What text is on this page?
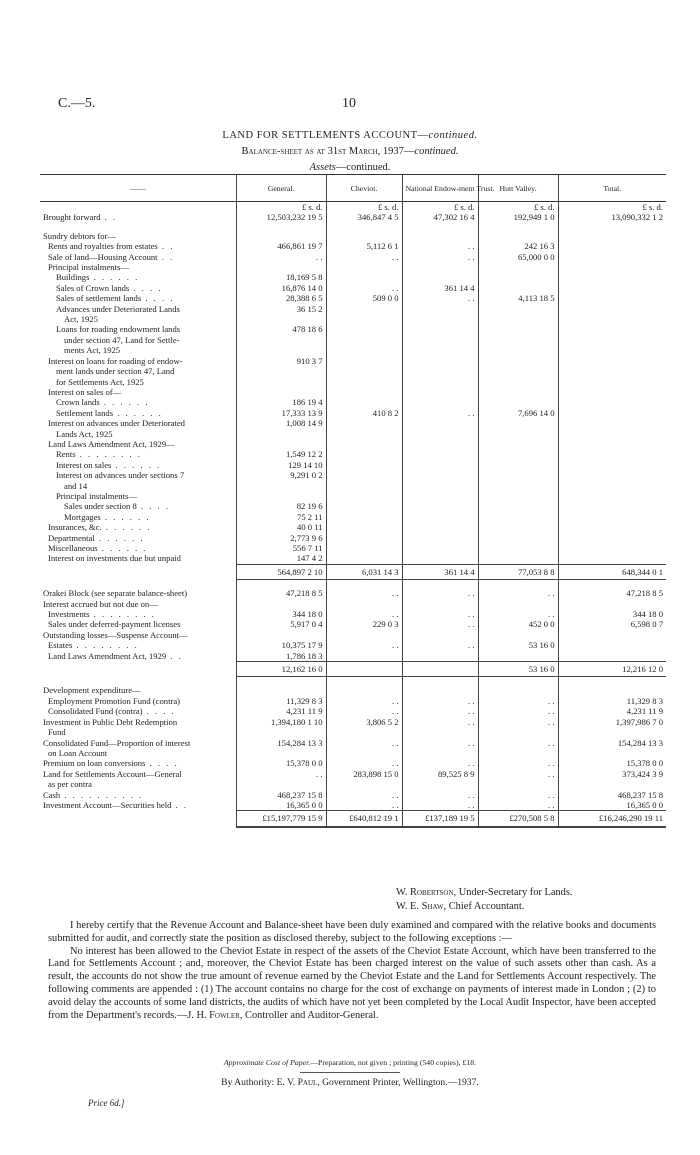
C.—5.	10
LAND FOR SETTLEMENTS ACCOUNT—continued.
Balance-sheet as at 31st March, 1937—continued.
Assets—continued.
——	General.	Cheviot.	National Endow-ment Trust.	Hutt Valley.	Total.
	£ s. d.	£ s. d.	£ s. d.	£ s. d.	£ s. d.
Brought forward . .	12,503,232 19 5	346,847 4 5	47,302 16 4	192,949 1 0	13,090,332 1 2

Sundry debtors for—					
Rents and royalties from estates . .	466,861 19 7	5,112 6 1	. .	242 16 3	
Sale of land—Housing Account . .	. .	. .	. .	65,000 0 0	
Principal instalments—					
Buildings . . . . . .	18,169 5 8				
Sales of Crown lands . . . .	16,876 14 0	. .	361 14 4		
Sales of settlement lands . . . .	28,388 6 5	509 0 0	. .	4,113 18 5	
Advances under Deteriorated Lands	36 15 2				
Act, 1925					
Loans for roading endowment lands	478 18 6				
under section 47, Land for Settle-					
ments Act, 1925					
Interest on loans for roading of endow-	910 3 7				
ment lands under section 47, Land					
for Settlements Act, 1925					
Interest on sales of—					
Crown lands . . . . . .	186 19 4				
Settlement lands . . . . . .	17,333 13 9	410 8 2	. .	7,696 14 0	
Interest on advances under Deteriorated	1,008 14 9				
Lands Act, 1925					
Land Laws Amendment Act, 1929—					
Rents . . . . . . . .	1,549 12 2				
Interest on sales . . . . . .	129 14 10				
Interest on advances under sections 7	9,291 0 2				
and 14					
Principal instalments—					
Sales under section 8 . . . .	82 19 6				
Mortgages . . . . . .	75 2 11				
Insurances, &c. . . . . . .	40 0 11				
Departmental . . . . . .	2,773 9 6				
Miscellaneous . . . . . .	556 7 11				
Interest on investments due but unpaid	147 4 2				
	564,897 2 10	6,031 14 3	361 14 4	77,053 8 8	648,344 0 1

Orakei Block (see separate balance-sheet)	47,218 8 5	. .	. .	. .	47,218 8 5
Interest accrued but not due on—					
Investments . . . . . . . .	344 18 0	. .	. .	. .	344 18 0
Sales under deferred-payment licenses	5,917 0 4	229 0 3	. .	452 0 0	6,598 0 7
Outstanding losses—Suspense Account—					
Estates . . . . . . . .	10,375 17 9	. .	. .	53 16 0	
Land Laws Amendment Act, 1929 . .	1,786 18 3				
	12,162 16 0			53 16 0	12,216 12 0

Development expenditure—					
Employment Promotion Fund (contra)	11,329 8 3	. .	. .	. .	11,329 8 3
Consolidated Fund (contra) . . . .	4,231 11 9	. .	. .	. .	4,231 11 9
Investment in Public Debt Redemption	1,394,180 1 10	3,806 5 2	. .	. .	1,397,986 7 0
Fund					
Consolidated Fund—Proportion of interest	154,284 13 3	. .	. .	. .	154,284 13 3
on Loan Account					
Premium on loan conversions . . . .	15,378 0 0	. .	. .	. .	15,378 0 0
Land for Settlements Account—General	. .	283,898 15 0	89,525 8 9	. .	373,424 3 9
as per contra					
Cash . . . . . . . . . .	468,237 15 8	. .	. .	. .	468,237 15 8
Investment Account—Securities held . .	16,365 0 0	. .	. .	. .	16,365 0 0
	£15,197,779 15 9	£640,812 19 1	£137,189 19 5	£270,508 5 8	£16,246,290 19 11
W. Robertson, Under-Secretary for Lands.
W. E. Shaw, Chief Accountant.

I hereby certify that the Revenue Account and Balance-sheet have been duly examined and compared with the relative books and documents submitted for audit, and correctly state the position as disclosed thereby, subject to the following exceptions :—

No interest has been allowed to the Cheviot Estate in respect of the assets of the Cheviot Estate Account, which have been transferred to the Land for Settlements Account ; and, moreover, the Cheviot Estate has been charged interest on the value of such assets other than cash. As a result, the accounts do not show the true amount of revenue earned by the Cheviot Estate and the Land for Settlements Account respectively. The following comments are appended : (1) The account contains no charge for the cost of exchange on payments of interest made in London ; (2) to avoid delay the accounts of some land districts, the audits of which have not yet been completed by the Local Audit Inspector, have been accepted from the Department's records.—J. H. Fowler, Controller and Auditor-General.

Approximate Cost of Paper.—Preparation, not given ; printing (540 copies), £18.
By Authority: E. V. Paul, Government Printer, Wellington.—1937.
Price 6d.]
